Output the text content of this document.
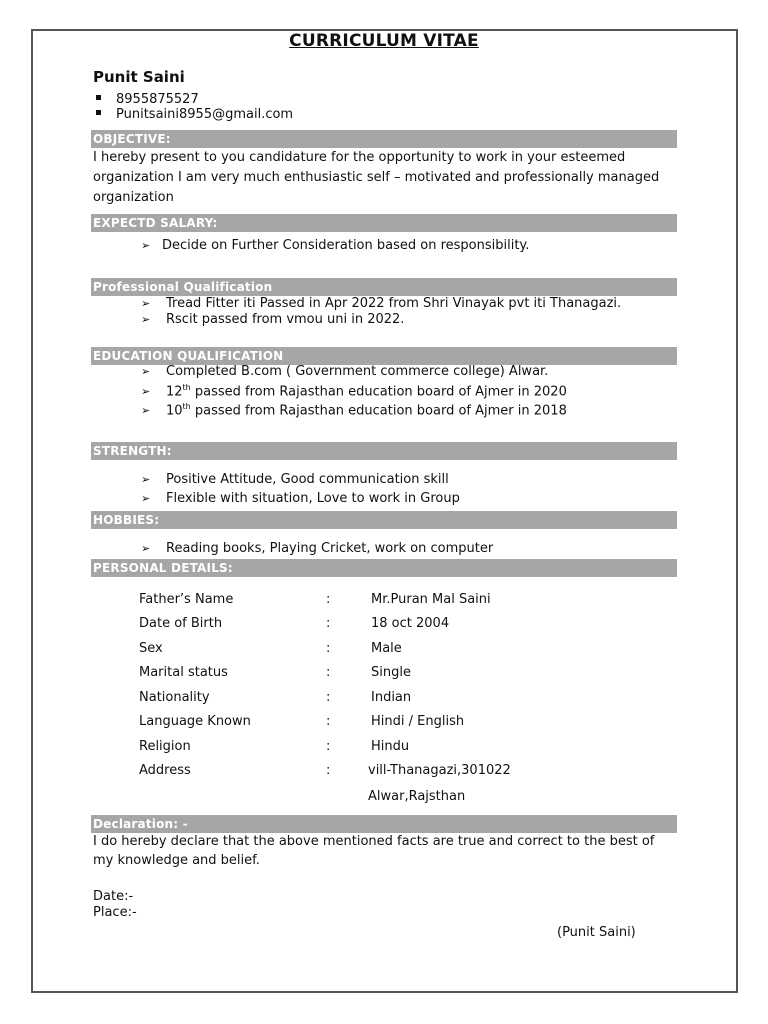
CURRICULUM VITAE
Punit Saini
8955875527
Punitsaini8955@gmail.com
OBJECTIVE:
I hereby present to you candidature for the opportunity to work in your esteemed organization I am very much enthusiastic self – motivated and professionally managed organization
EXPECTD SALARY:
➢ Decide on Further Consideration based on responsibility.
Professional Qualification
➢ Tread Fitter iti Passed in Apr 2022 from Shri Vinayak pvt iti Thanagazi.
➢ Rscit passed from vmou uni in 2022.
EDUCATION QUALIFICATION
➢ Completed B.com ( Government commerce college) Alwar.
➢ 12th passed from Rajasthan education board of Ajmer in 2020
➢ 10th passed from Rajasthan education board of Ajmer in 2018
STRENGTH:
➢ Positive Attitude, Good communication skill
➢ Flexible with situation, Love to work in Group
HOBBIES:
➢ Reading books, Playing Cricket, work on computer
PERSONAL DETAILS:
Father’s Name	:	Mr.Puran Mal Saini
Date of Birth	:	18 oct 2004
Sex	:	Male
Marital status	:	Single
Nationality	:	Indian
Language Known	:	Hindi / English
Religion	:	Hindu
Address	:	vill-Thanagazi,301022
Alwar,Rajsthan
Declaration: -
I do hereby declare that the above mentioned facts are true and correct to the best of my knowledge and belief.
Date:-
Place:-
(Punit Saini)
